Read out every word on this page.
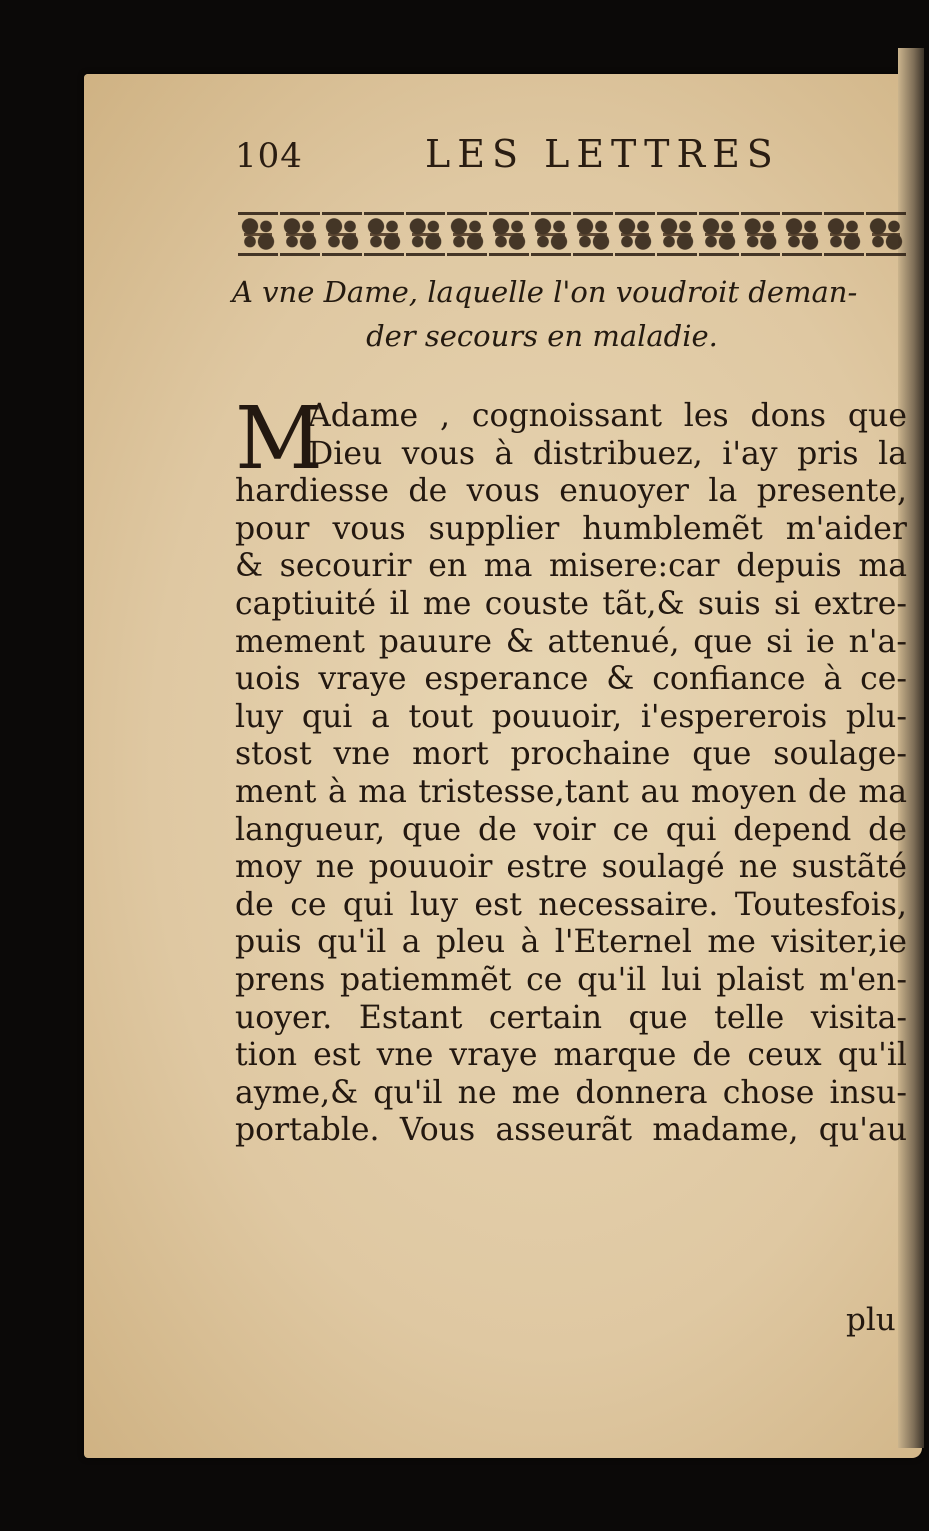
104	LES LETTRES
A vne Dame, laquelle l'on voudroit deman-
der secours en maladie.
M
Adame , cognoissant les dons que
Dieu vous à distribuez, i'ay pris la
hardiesse de vous enuoyer la presente,
pour vous supplier humblemẽt m'aider
& secourir en ma misere:car depuis ma
captiuité il me couste tãt,& suis si extre-
mement pauure & attenué, que si ie n'a-
uois vraye esperance & confiance à ce-
luy qui a tout pouuoir, i'espererois plu-
stost vne mort prochaine que soulage-
ment à ma tristesse,tant au moyen de ma
langueur, que de voir ce qui depend de
moy ne pouuoir estre soulagé ne sustãté
de ce qui luy est necessaire. Toutesfois,
puis qu'il a pleu à l'Eternel me visiter,ie
prens patiemmẽt ce qu'il lui plaist m'en-
uoyer. Estant certain que telle visita-
tion est vne vraye marque de ceux qu'il
ayme,& qu'il ne me donnera chose insu-
portable. Vous asseurãt madame, qu'au
plu
